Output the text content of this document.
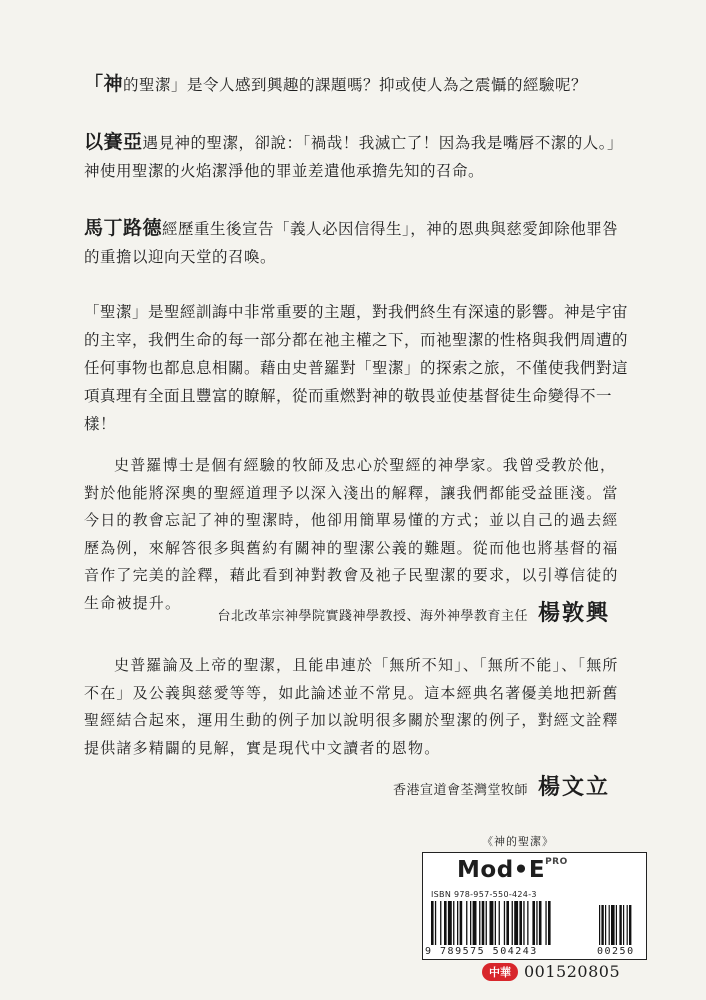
「神的聖潔」是令人感到興趣的課題嗎？抑或使人為之震懾的經驗呢？

以賽亞遇見神的聖潔，卻說：「禍哉！我滅亡了！因為我是嘴唇不潔的人。」神使用聖潔的火焰潔淨他的罪並差遣他承擔先知的召命。

馬丁路德經歷重生後宣告「義人必因信得生」，神的恩典與慈愛卸除他罪咎的重擔以迎向天堂的召喚。

「聖潔」是聖經訓誨中非常重要的主題，對我們終生有深遠的影響。神是宇宙的主宰，我們生命的每一部分都在祂主權之下，而祂聖潔的性格與我們周遭的任何事物也都息息相關。藉由史普羅對「聖潔」的探索之旅，不僅使我們對這項真理有全面且豐富的瞭解，從而重燃對神的敬畏並使基督徒生命變得不一樣！

史普羅博士是個有經驗的牧師及忠心於聖經的神學家。我曾受教於他，對於他能將深奧的聖經道理予以深入淺出的解釋，讓我們都能受益匪淺。當今日的教會忘記了神的聖潔時，他卻用簡單易懂的方式；並以自己的過去經歷為例，來解答很多與舊約有關神的聖潔公義的難題。從而他也將基督的福音作了完美的詮釋，藉此看到神對教會及祂子民聖潔的要求，以引導信徒的生命被提升。

台北改革宗神學院實踐神學教授、海外神學教育主任 楊敦興

史普羅論及上帝的聖潔，且能串連於「無所不知」、「無所不能」、「無所不在」及公義與慈愛等等，如此論述並不常見。這本經典名著優美地把新舊聖經結合起來，運用生動的例子加以說明很多關於聖潔的例子，對經文詮釋提供諸多精闢的見解，實是現代中文讀者的恩物。

香港宣道會荃灣堂牧師 楊文立
《神的聖潔》
$Mod•E^{PRO}$
ISBN 978-957-550-424-3
9 789575 504243	00250
中華 001520805
